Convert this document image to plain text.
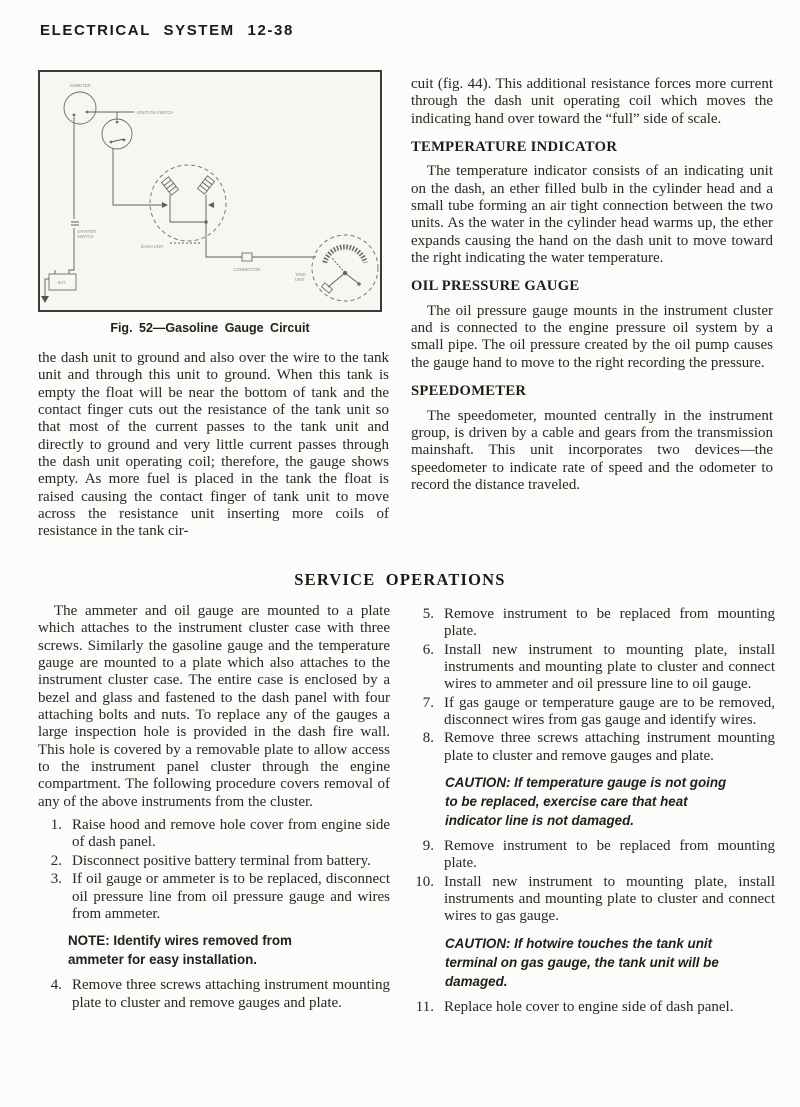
ELECTRICAL SYSTEM 12-38
AMMETER
IGNITION SWITCH
DASH UNIT
CONNECTOR
TANK
UNIT
STARTER
SWITCH
BAT.
Fig. 52—Gasoline Gauge Circuit

the dash unit to ground and also over the wire to the tank unit and through this unit to ground. When this tank is empty the float will be near the bottom of tank and the contact finger cuts out the resistance of the tank unit so that most of the current passes to the tank unit and directly to ground and very little current passes through the dash unit operating coil; therefore, the gauge shows empty. As more fuel is placed in the tank the float is raised causing the contact finger of tank unit to move across the resistance unit inserting more coils of resistance in the tank cir-

cuit (fig. 44). This additional resistance forces more current through the dash unit operating coil which moves the indicating hand over toward the “full” side of scale.

TEMPERATURE INDICATOR

The temperature indicator consists of an indicating unit on the dash, an ether filled bulb in the cylinder head and a small tube forming an air tight connection between the two units. As the water in the cylinder head warms up, the ether expands causing the hand on the dash unit to move toward the right indicating the water temperature.

OIL PRESSURE GAUGE

The oil pressure gauge mounts in the instrument cluster and is connected to the engine pressure oil system by a small pipe. The oil pressure created by the oil pump causes the gauge hand to move to the right recording the pressure.

SPEEDOMETER

The speedometer, mounted centrally in the instrument group, is driven by a cable and gears from the transmission mainshaft. This unit incorporates two devices—the speedometer to indicate rate of speed and the odometer to record the distance traveled.

SERVICE OPERATIONS

The ammeter and oil gauge are mounted to a plate which attaches to the instrument cluster case with three screws. Similarly the gasoline gauge and the temperature gauge are mounted to a plate which also attaches to the instrument cluster case. The entire case is enclosed by a bezel and glass and fastened to the dash panel with four attaching bolts and nuts. To replace any of the gauges a large inspection hole is provided in the dash fire wall. This hole is covered by a removable plate to allow access to the instrument panel cluster through the engine compartment. The following procedure covers removal of any of the above instruments from the cluster.

1. Raise hood and remove hole cover from engine side of dash panel.
2. Disconnect positive battery terminal from battery.
3. If oil gauge or ammeter is to be replaced, disconnect oil pressure line from oil pressure gauge and wires from ammeter.
NOTE: Identify wires removed from ammeter for easy installation.
4. Remove three screws attaching instrument mounting plate to cluster and remove gauges and plate.
5. Remove instrument to be replaced from mounting plate.
6. Install new instrument to mounting plate, install instruments and mounting plate to cluster and connect wires to ammeter and oil pressure line to oil gauge.
7. If gas gauge or temperature gauge are to be removed, disconnect wires from gas gauge and identify wires.
8. Remove three screws attaching instrument mounting plate to cluster and remove gauges and plate.
CAUTION: If temperature gauge is not going to be replaced, exercise care that heat indicator line is not damaged.
9. Remove instrument to be replaced from mounting plate.
10. Install new instrument to mounting plate, install instruments and mounting plate to cluster and connect wires to gas gauge.
CAUTION: If hotwire touches the tank unit terminal on gas gauge, the tank unit will be damaged.
11. Replace hole cover to engine side of dash panel.
